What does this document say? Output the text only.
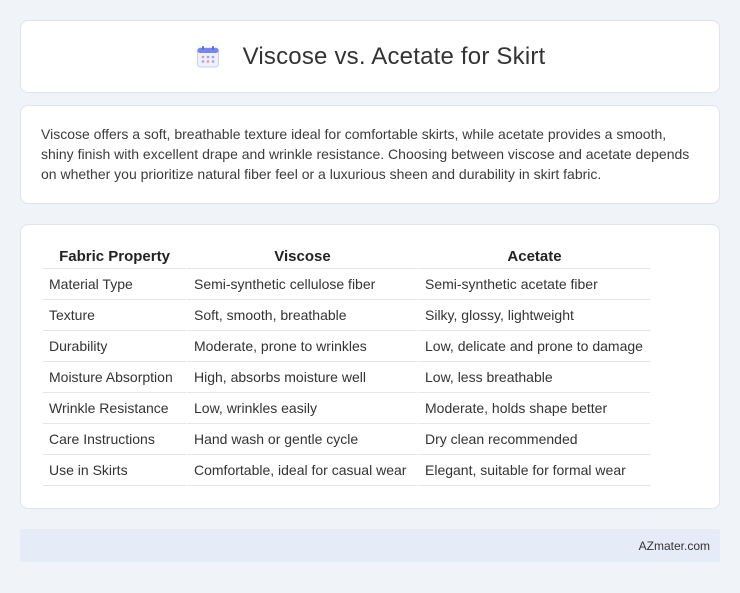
Viscose vs. Acetate for Skirt

Viscose offers a soft, breathable texture ideal for comfortable skirts, while acetate provides a smooth, shiny finish with excellent drape and wrinkle resistance. Choosing between viscose and acetate depends on whether you prioritize natural fiber feel or a luxurious sheen and durability in skirt fabric.

Fabric Property	Viscose	Acetate
Material Type	Semi-synthetic cellulose fiber	Semi-synthetic acetate fiber
Texture	Soft, smooth, breathable	Silky, glossy, lightweight
Durability	Moderate, prone to wrinkles	Low, delicate and prone to damage
Moisture Absorption	High, absorbs moisture well	Low, less breathable
Wrinkle Resistance	Low, wrinkles easily	Moderate, holds shape better
Care Instructions	Hand wash or gentle cycle	Dry clean recommended
Use in Skirts	Comfortable, ideal for casual wear	Elegant, suitable for formal wear
AZmater.com
